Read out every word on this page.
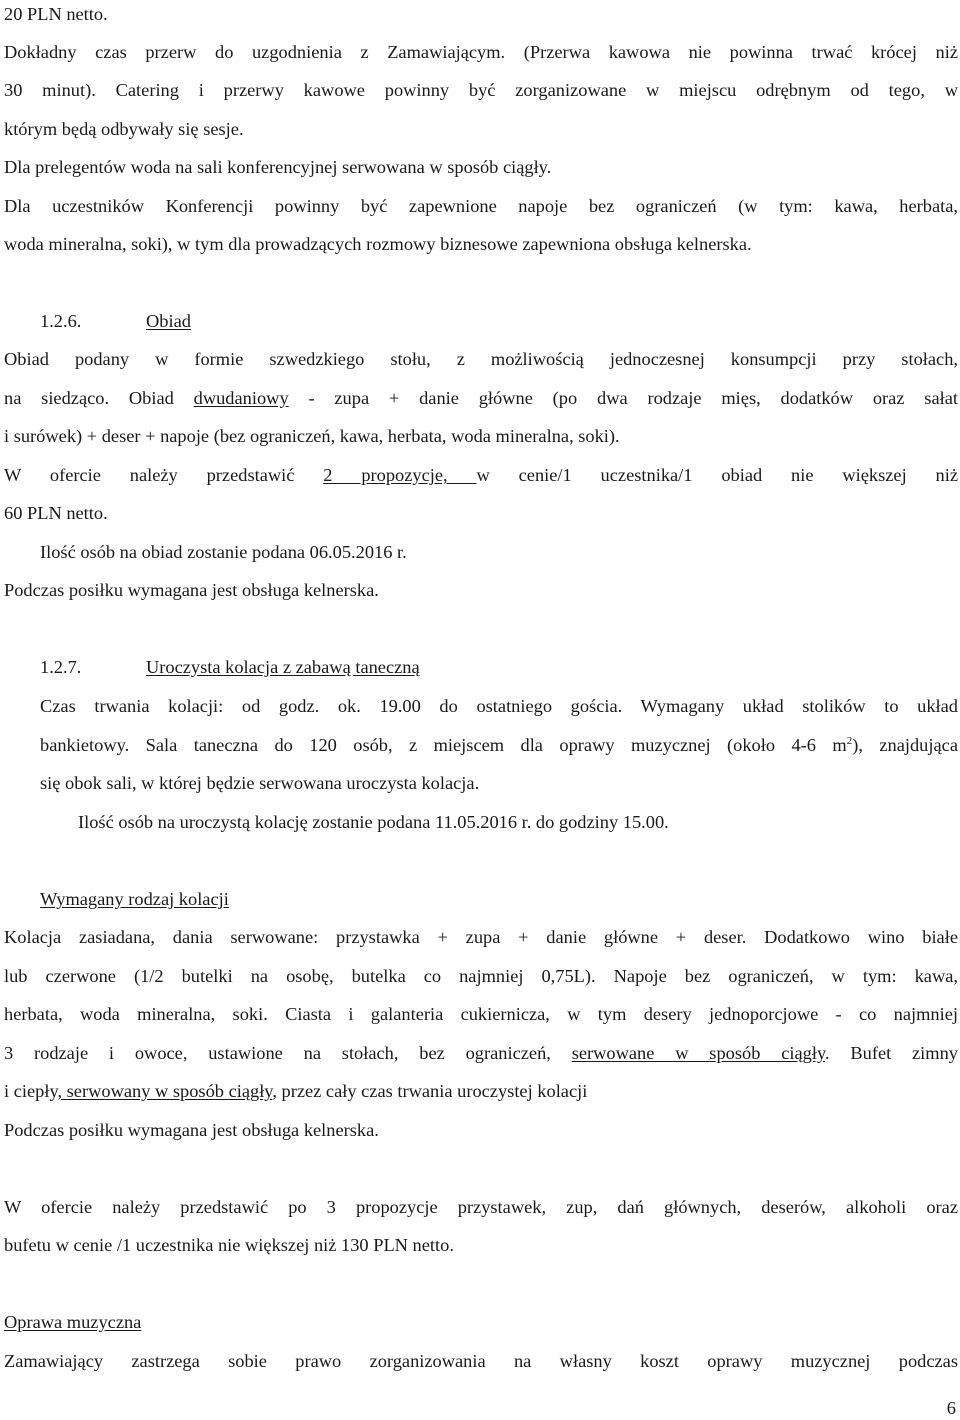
20 PLN netto.

Dokładny czas przerw do uzgodnienia z Zamawiającym. (Przerwa kawowa nie powinna trwać krócej niż

30 minut). Catering i przerwy kawowe powinny być zorganizowane w miejscu odrębnym od tego, w

którym będą odbywały się sesje.

Dla prelegentów woda na sali konferencyjnej serwowana w sposób ciągły.

Dla uczestników Konferencji powinny być zapewnione napoje bez ograniczeń (w tym: kawa, herbata,

woda mineralna, soki), w tym dla prowadzących rozmowy biznesowe zapewniona obsługa kelnerska.

1.2.6.	Obiad

Obiad podany w formie szwedzkiego stołu, z możliwością jednoczesnej konsumpcji przy stołach,

na siedząco. Obiad dwudaniowy - zupa + danie główne (po dwa rodzaje mięs, dodatków oraz sałat

i surówek) + deser + napoje (bez ograniczeń, kawa, herbata, woda mineralna, soki).

W ofercie należy przedstawić 2 propozycje, w cenie/1 uczestnika/1 obiad nie większej niż

60 PLN netto.

Ilość osób na obiad zostanie podana 06.05.2016 r.

Podczas posiłku wymagana jest obsługa kelnerska.

1.2.7.	Uroczysta kolacja z zabawą taneczną

Czas trwania kolacji: od godz. ok. 19.00 do ostatniego gościa. Wymagany układ stolików to układ

bankietowy. Sala taneczna do 120 osób, z miejscem dla oprawy muzycznej (około 4-6 $m^2$), znajdująca

się obok sali, w której będzie serwowana uroczysta kolacja.

Ilość osób na uroczystą kolację zostanie podana 11.05.2016 r. do godziny 15.00.

Wymagany rodzaj kolacji

Kolacja zasiadana, dania serwowane: przystawka + zupa + danie główne + deser. Dodatkowo wino białe

lub czerwone (1/2 butelki na osobę, butelka co najmniej 0,75L). Napoje bez ograniczeń, w tym: kawa,

herbata, woda mineralna, soki. Ciasta i galanteria cukiernicza, w tym desery jednoporcjowe - co najmniej

3 rodzaje i owoce, ustawione na stołach, bez ograniczeń, serwowane w sposób ciągły. Bufet zimny

i ciepły, serwowany w sposób ciągły, przez cały czas trwania uroczystej kolacji

Podczas posiłku wymagana jest obsługa kelnerska.

W ofercie należy przedstawić po 3 propozycje przystawek, zup, dań głównych, deserów, alkoholi oraz

bufetu w cenie /1 uczestnika nie większej niż 130 PLN netto.

Oprawa muzyczna

Zamawiający zastrzega sobie prawo zorganizowania na własny koszt oprawy muzycznej podczas

6
